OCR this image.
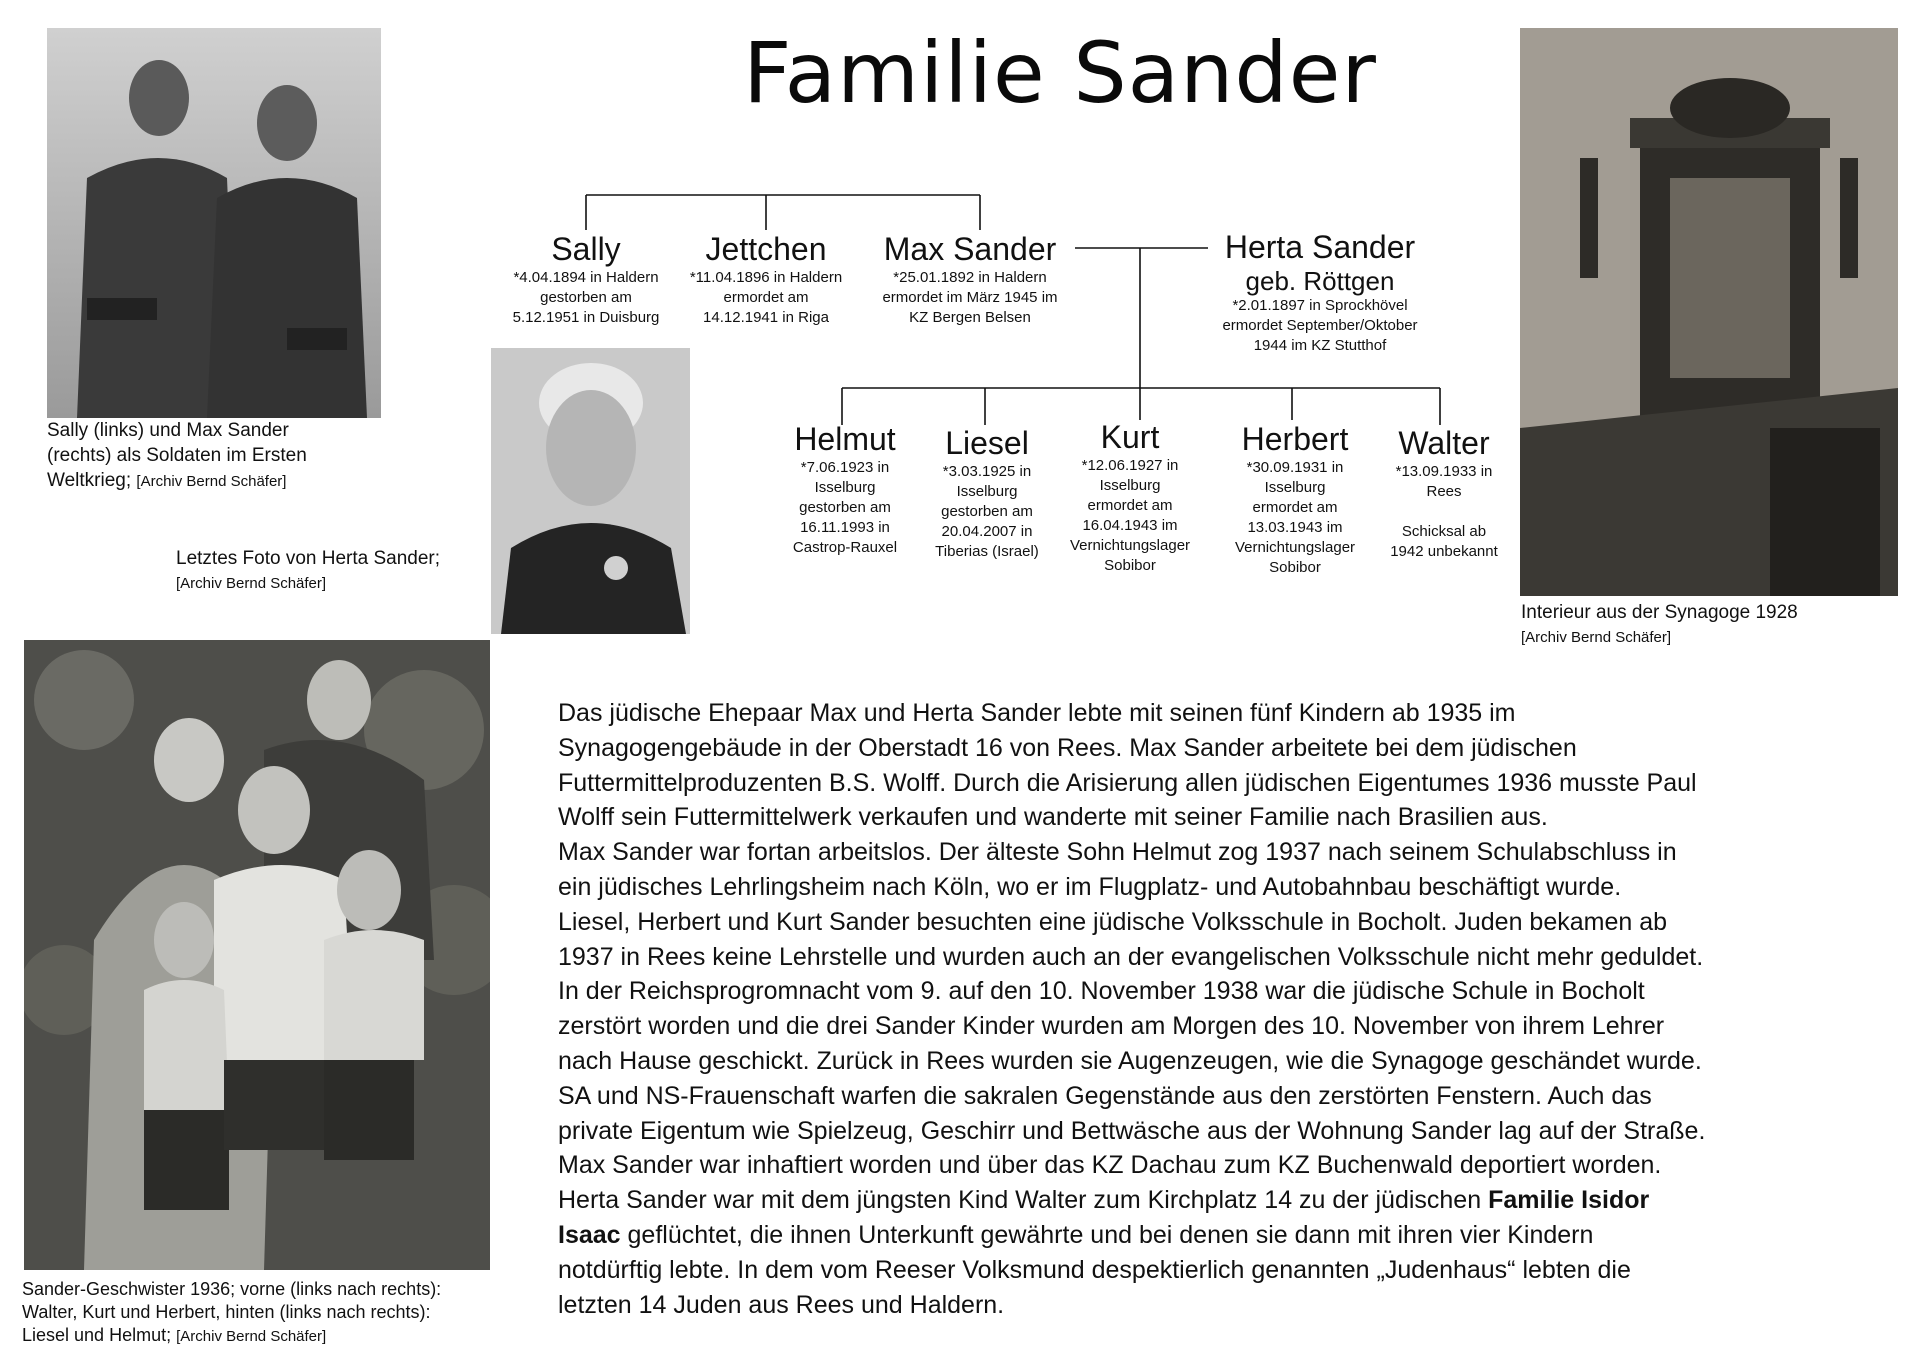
Familie Sander
Sally (links) und Max Sander
(rechts) als Soldaten im Ersten
Weltkrieg; [Archiv Bernd Schäfer]
Letztes Foto von Herta Sander;
[Archiv Bernd Schäfer]
Interieur aus der Synagoge 1928
[Archiv Bernd Schäfer]
Sander-Geschwister 1936; vorne (links nach rechts):
Walter, Kurt und Herbert, hinten (links nach rechts):
Liesel und Helmut; [Archiv Bernd Schäfer]
Sally
*4.04.1894 in Haldern
gestorben am
5.12.1951 in Duisburg
Jettchen
*11.04.1896 in Haldern
ermordet am
14.12.1941 in Riga
Max Sander
*25.01.1892 in Haldern
ermordet im März 1945 im
KZ Bergen Belsen
Herta Sander
geb. Röttgen
*2.01.1897 in Sprockhövel
ermordet September/Oktober
1944 im KZ Stutthof
Helmut
*7.06.1923 in
Isselburg
gestorben am
16.11.1993 in
Castrop-Rauxel
Liesel
*3.03.1925 in
Isselburg
gestorben am
20.04.2007 in
Tiberias (Israel)
Kurt
*12.06.1927 in
Isselburg
ermordet am
16.04.1943 im
Vernichtungslager
Sobibor
Herbert
*30.09.1931 in
Isselburg
ermordet am
13.03.1943 im
Vernichtungslager
Sobibor
Walter
*13.09.1933 in
Rees

Schicksal ab
1942 unbekannt

Das jüdische Ehepaar Max und Herta Sander lebte mit seinen fünf Kindern ab 1935 im

Synagogengebäude in der Oberstadt 16 von Rees. Max Sander arbeitete bei dem jüdischen

Futtermittelproduzenten B.S. Wolff. Durch die Arisierung allen jüdischen Eigentumes 1936 musste Paul

Wolff sein Futtermittelwerk verkaufen und wanderte mit seiner Familie nach Brasilien aus.

Max Sander war fortan arbeitslos. Der älteste Sohn Helmut zog 1937 nach seinem Schulabschluss in

ein jüdisches Lehrlingsheim nach Köln, wo er im Flugplatz- und Autobahnbau beschäftigt wurde.

Liesel, Herbert und Kurt Sander besuchten eine jüdische Volksschule in Bocholt. Juden bekamen ab

1937 in Rees keine Lehrstelle und wurden auch an der evangelischen Volksschule nicht mehr geduldet.

In der Reichsprogromnacht vom 9. auf den 10. November 1938 war die jüdische Schule in Bocholt

zerstört worden und die drei Sander Kinder wurden am Morgen des 10. November von ihrem Lehrer

nach Hause geschickt. Zurück in Rees wurden sie Augenzeugen, wie die Synagoge geschändet wurde.

SA und NS-Frauenschaft warfen die sakralen Gegenstände aus den zerstörten Fenstern. Auch das

private Eigentum wie Spielzeug, Geschirr und Bettwäsche aus der Wohnung Sander lag auf der Straße.

Max Sander war inhaftiert worden und über das KZ Dachau zum KZ Buchenwald deportiert worden.

Herta Sander war mit dem jüngsten Kind Walter zum Kirchplatz 14 zu der jüdischen Familie Isidor

Isaac geflüchtet, die ihnen Unterkunft gewährte und bei denen sie dann mit ihren vier Kindern

notdürftig lebte. In dem vom Reeser Volksmund despektierlich genannten „Judenhaus“ lebten die

letzten 14 Juden aus Rees und Haldern.
